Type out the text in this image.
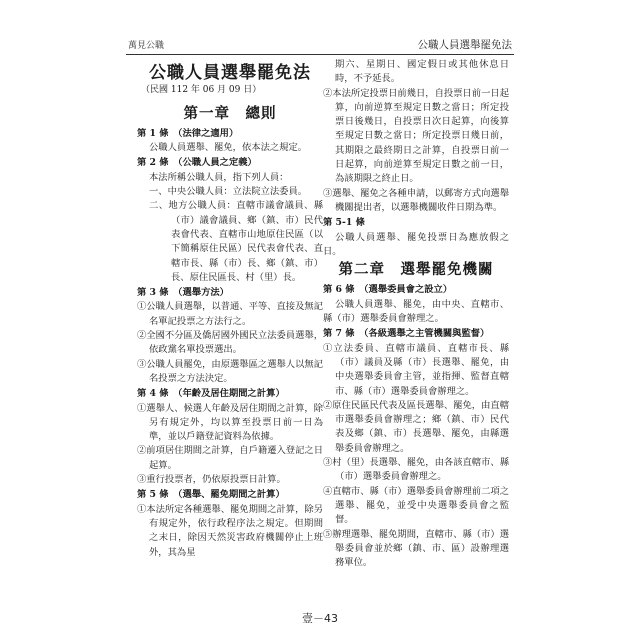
萬見公職	公職人員選舉罷免法
公職人員選舉罷免法
（民國 112 年 06 月 09 日）
第一章　總則
第 1 條　（法律之適用）

公職人員選舉、罷免，依本法之規定。

第 2 條　（公職人員之定義）

本法所稱公職人員，指下列人員：

一、中央公職人員：立法院立法委員。

二、地方公職人員：直轄市議會議員、縣（市）議會議員、鄉（鎮、市）民代表會代表、直轄市山地原住民區（以下簡稱原住民區）民代表會代表、直轄市長、縣（市）長、鄉（鎮、市）長、原住民區長、村（里）長。

第 3 條　（選舉方法）

①公職人員選舉，以普通、平等、直接及無記名單記投票之方法行之。

②全國不分區及僑居國外國民立法委員選舉，依政黨名單投票選出。

③公職人員罷免，由原選舉區之選舉人以無記名投票之方法決定。

第 4 條　（年齡及居住期間之計算）

①選舉人、候選人年齡及居住期間之計算，除另有規定外，均以算至投票日前一日為準，並以戶籍登記資料為依據。

②前項居住期間之計算，自戶籍遷入登記之日起算。

③重行投票者，仍依原投票日計算。

第 5 條　（選舉、罷免期間之計算）

①本法所定各種選舉、罷免期間之計算，除另有規定外，依行政程序法之規定。但期間之末日，除因天然災害政府機關停止上班外，其為星

期六、星期日、國定假日或其他休息日時，不予延長。

②本法所定投票日前幾日，自投票日前一日起算，向前逆算至規定日數之當日；所定投票日後幾日，自投票日次日起算，向後算至規定日數之當日；所定投票日幾日前，其期限之最終期日之計算，自投票日前一日起算，向前逆算至規定日數之前一日，為該期限之終止日。

③選舉、罷免之各種申請，以郵寄方式向選舉機關提出者，以選舉機關收件日期為準。

第 5-1 條

公職人員選舉、罷免投票日為應放假之日。

第二章　選舉罷免機關
第 6 條　（選舉委員會之設立）

公職人員選舉、罷免，由中央、直轄市、縣（市）選舉委員會辦理之。

第 7 條　（各級選舉之主管機關與監督）

①立法委員、直轄市議員、直轄市長、縣（市）議員及縣（市）長選舉、罷免，由中央選舉委員會主管，並指揮、監督直轄市、縣（市）選舉委員會辦理之。

②原住民區民代表及區長選舉、罷免，由直轄市選舉委員會辦理之；鄉（鎮、市）民代表及鄉（鎮、市）長選舉、罷免，由縣選舉委員會辦理之。

③村（里）長選舉、罷免，由各該直轄市、縣（市）選舉委員會辦理之。

④直轄市、縣（市）選舉委員會辦理前二項之選舉、罷免，並受中央選舉委員會之監督。

⑤辦理選舉、罷免期間，直轄市、縣（市）選舉委員會並於鄉（鎮、市、區）設辦理選務單位。

壹－43
